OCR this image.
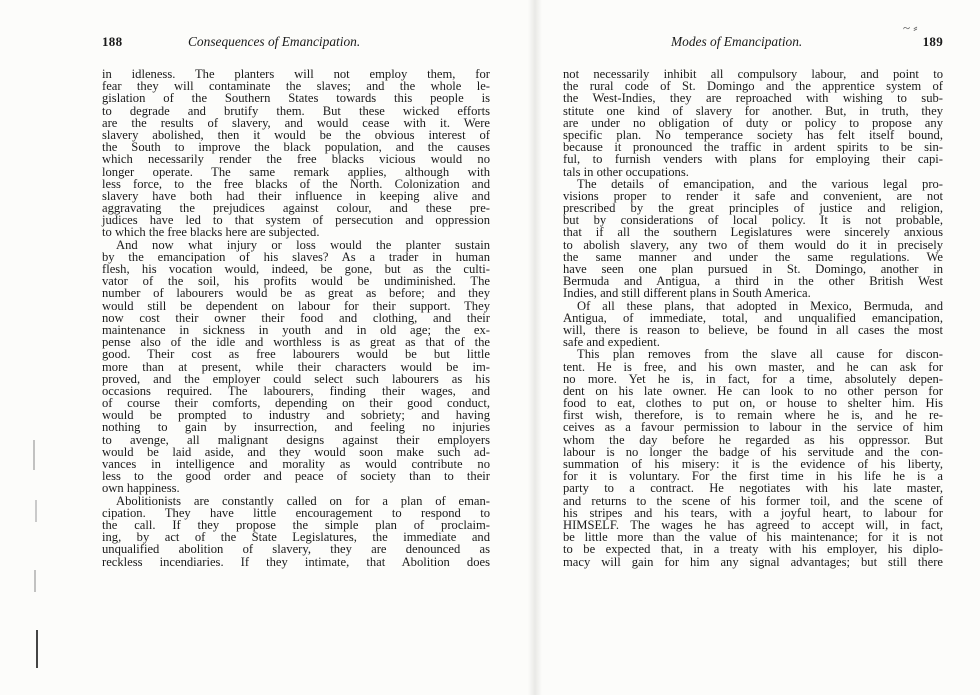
188	Consequences of Emancipation.
in idleness. The planters will not employ them, for
fear they will contaminate the slaves; and the whole le-
gislation of the Southern States towards this people is
to degrade and brutify them. But these wicked efforts
are the results of slavery, and would cease with it. Were
slavery abolished, then it would be the obvious interest of
the South to improve the black population, and the causes
which necessarily render the free blacks vicious would no
longer operate. The same remark applies, although with
less force, to the free blacks of the North. Colonization and
slavery have both had their influence in keeping alive and
aggravating the prejudices against colour, and these pre-
judices have led to that system of persecution and oppression
to which the free blacks here are subjected.
And now what injury or loss would the planter sustain
by the emancipation of his slaves? As a trader in human
flesh, his vocation would, indeed, be gone, but as the culti-
vator of the soil, his profits would be undiminished. The
number of labourers would be as great as before; and they
would still be dependent on labour for their support. They
now cost their owner their food and clothing, and their
maintenance in sickness in youth and in old age; the ex-
pense also of the idle and worthless is as great as that of the
good. Their cost as free labourers would be but little
more than at present, while their characters would be im-
proved, and the employer could select such labourers as his
occasions required. The labourers, finding their wages, and
of course their comforts, depending on their good conduct,
would be prompted to industry and sobriety; and having
nothing to gain by insurrection, and feeling no injuries
to avenge, all malignant designs against their employers
would be laid aside, and they would soon make such ad-
vances in intelligence and morality as would contribute no
less to the good order and peace of society than to their
own happiness.
Abolitionists are constantly called on for a plan of eman-
cipation. They have little encouragement to respond to
the call. If they propose the simple plan of proclaim-
ing, by act of the State Legislatures, the immediate and
unqualified abolition of slavery, they are denounced as
reckless incendiaries. If they intimate, that Abolition does
~ ⸗
Modes of Emancipation.	189
not necessarily inhibit all compulsory labour, and point to
the rural code of St. Domingo and the apprentice system of
the West-Indies, they are reproached with wishing to sub-
stitute one kind of slavery for another. But, in truth, they
are under no obligation of duty or policy to propose any
specific plan. No temperance society has felt itself bound,
because it pronounced the traffic in ardent spirits to be sin-
ful, to furnish venders with plans for employing their capi-
tals in other occupations.
The details of emancipation, and the various legal pro-
visions proper to render it safe and convenient, are not
prescribed by the great principles of justice and religion,
but by considerations of local policy. It is not probable,
that if all the southern Legislatures were sincerely anxious
to abolish slavery, any two of them would do it in precisely
the same manner and under the same regulations. We
have seen one plan pursued in St. Domingo, another in
Bermuda and Antigua, a third in the other British West
Indies, and still different plans in South America.
Of all these plans, that adopted in Mexico, Bermuda, and
Antigua, of immediate, total, and unqualified emancipation,
will, there is reason to believe, be found in all cases the most
safe and expedient.
This plan removes from the slave all cause for discon-
tent. He is free, and his own master, and he can ask for
no more. Yet he is, in fact, for a time, absolutely depen-
dent on his late owner. He can look to no other person for
food to eat, clothes to put on, or house to shelter him. His
first wish, therefore, is to remain where he is, and he re-
ceives as a favour permission to labour in the service of him
whom the day before he regarded as his oppressor. But
labour is no longer the badge of his servitude and the con-
summation of his misery: it is the evidence of his liberty,
for it is voluntary. For the first time in his life he is a
party to a contract. He negotiates with his late master,
and returns to the scene of his former toil, and the scene of
his stripes and his tears, with a joyful heart, to labour for
HIMSELF. The wages he has agreed to accept will, in fact,
be little more than the value of his maintenance; for it is not
to be expected that, in a treaty with his employer, his diplo-
macy will gain for him any signal advantages; but still there
